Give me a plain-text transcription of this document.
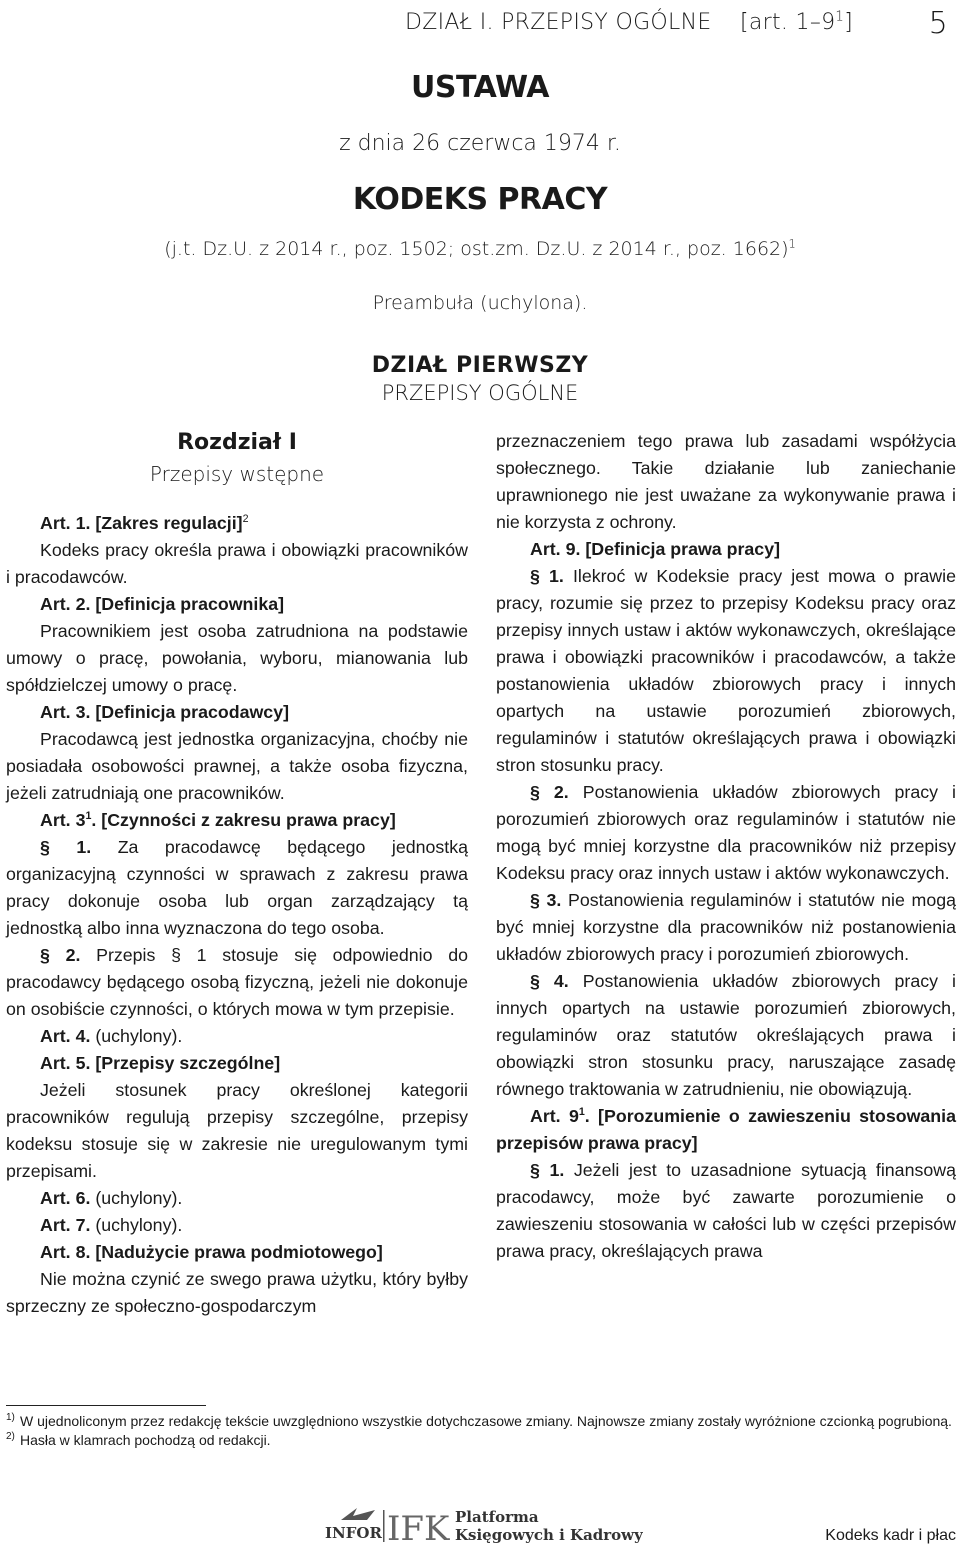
DZIAŁ I. PRZEPISY OGÓLNE [art. $1-9^1$]	5
USTAWA
z dnia 26 czerwca 1974 r.
KODEKS PRACY
(j.t. Dz.U. z 2014 r., poz. 1502; ost.zm. Dz.U. z 2014 r., poz. 1662)$^1$
Preambuła (uchylona).
DZIAŁ PIERWSZY
PRZEPISY OGÓLNE
Rozdział I
Przepisy wstępne

Art. 1. [Zakres regulacji]$^2$

Kodeks pracy określa prawa i obowiązki pracowników i pracodawców.

Art. 2. [Definicja pracownika]

Pracownikiem jest osoba zatrudniona na podstawie umowy o pracę, powołania, wyboru, mianowania lub spółdzielczej umowy o pracę.

Art. 3. [Definicja pracodawcy]

Pracodawcą jest jednostka organizacyjna, choćby nie posiadała osobowości prawnej, a także osoba fizyczna, jeżeli zatrudniają one pracowników.

Art. $3^1$. [Czynności z zakresu prawa pracy]

§ 1. Za pracodawcę będącego jednostką organizacyjną czynności w sprawach z zakresu prawa pracy dokonuje osoba lub organ zarządzający tą jednostką albo inna wyznaczona do tego osoba.

§ 2. Przepis § 1 stosuje się odpowiednio do pracodawcy będącego osobą fizyczną, jeżeli nie dokonuje on osobiście czynności, o których mowa w tym przepisie.

Art. 4. (uchylony).

Art. 5. [Przepisy szczególne]

Jeżeli stosunek pracy określonej kategorii pracowników regulują przepisy szczególne, przepisy kodeksu stosuje się w zakresie nie uregulowanym tymi przepisami.

Art. 6. (uchylony).

Art. 7. (uchylony).

Art. 8. [Nadużycie prawa podmiotowego]

Nie można czynić ze swego prawa użytku, który byłby sprzeczny ze społeczno-gospodarczym

przeznaczeniem tego prawa lub zasadami współżycia społecznego. Takie działanie lub zaniechanie uprawnionego nie jest uważane za wykonywanie prawa i nie korzysta z ochrony.

Art. 9. [Definicja prawa pracy]

§ 1. Ilekroć w Kodeksie pracy jest mowa o prawie pracy, rozumie się przez to przepisy Kodeksu pracy oraz przepisy innych ustaw i aktów wykonawczych, określające prawa i obowiązki pracowników i pracodawców, a także postanowienia układów zbiorowych pracy i innych opartych na ustawie porozumień zbiorowych, regulaminów i statutów określających prawa i obowiązki stron stosunku pracy.

§ 2. Postanowienia układów zbiorowych pracy i porozumień zbiorowych oraz regulaminów i statutów nie mogą być mniej korzystne dla pracowników niż przepisy Kodeksu pracy oraz innych ustaw i aktów wykonawczych.

§ 3. Postanowienia regulaminów i statutów nie mogą być mniej korzystne dla pracowników niż postanowienia układów zbiorowych pracy i porozumień zbiorowych.

§ 4. Postanowienia układów zbiorowych pracy i innych opartych na ustawie porozumień zbiorowych, regulaminów oraz statutów określających prawa i obowiązki stron stosunku pracy, naruszające zasadę równego traktowania w zatrudnieniu, nie obowiązują.

Art. $9^1$. [Porozumienie o zawieszeniu stosowania przepisów prawa pracy]

§ 1. Jeżeli jest to uzasadnione sytuacją finansową pracodawcy, może być zawarte porozumienie o zawieszeniu stosowania w całości lub w części przepisów prawa pracy, określających prawa

1) W ujednoliconym przez redakcję tekście uwzględniono wszystkie dotychczasowe zmiany. Najnowsze zmiany zostały wyróżnione czcionką pogrubioną.
2) Hasła w klamrach pochodzą od redakcji.
INFOR IFK Platforma
Księgowych i Kadrowych	Kodeks kadr i płac
